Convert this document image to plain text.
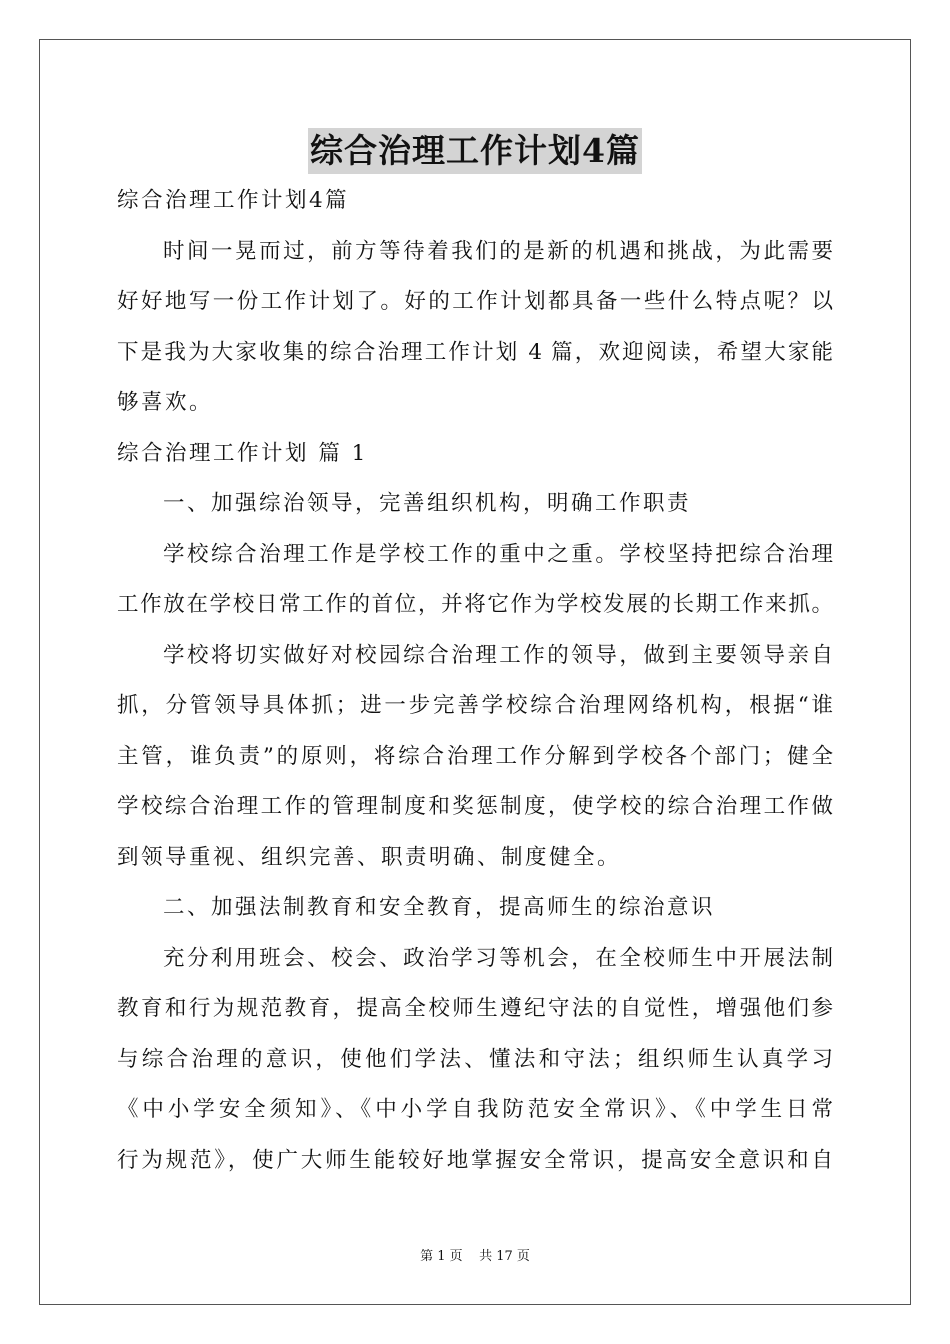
综合治理工作计划4篇
综合治理工作计划4篇
时间一晃而过，前方等待着我们的是新的机遇和挑战，为此需要
好好地写一份工作计划了。好的工作计划都具备一些什么特点呢？以
下是我为大家收集的综合治理工作计划 4 篇，欢迎阅读，希望大家能
够喜欢。
综合治理工作计划 篇 1
一、加强综治领导，完善组织机构，明确工作职责
学校综合治理工作是学校工作的重中之重。学校坚持把综合治理
工作放在学校日常工作的首位，并将它作为学校发展的长期工作来抓。
学校将切实做好对校园综合治理工作的领导，做到主要领导亲自
抓，分管领导具体抓；进一步完善学校综合治理网络机构，根据“谁
主管，谁负责”的原则，将综合治理工作分解到学校各个部门；健全
学校综合治理工作的管理制度和奖惩制度，使学校的综合治理工作做
到领导重视、组织完善、职责明确、制度健全。
二、加强法制教育和安全教育，提高师生的综治意识
充分利用班会、校会、政治学习等机会，在全校师生中开展法制
教育和行为规范教育，提高全校师生遵纪守法的自觉性，增强他们参
与综合治理的意识，使他们学法、懂法和守法；组织师生认真学习
《中小学安全须知》、《中小学自我防范安全常识》、《中学生日常
行为规范》，使广大师生能较好地掌握安全常识，提高安全意识和自
第 1 页    共 17 页
